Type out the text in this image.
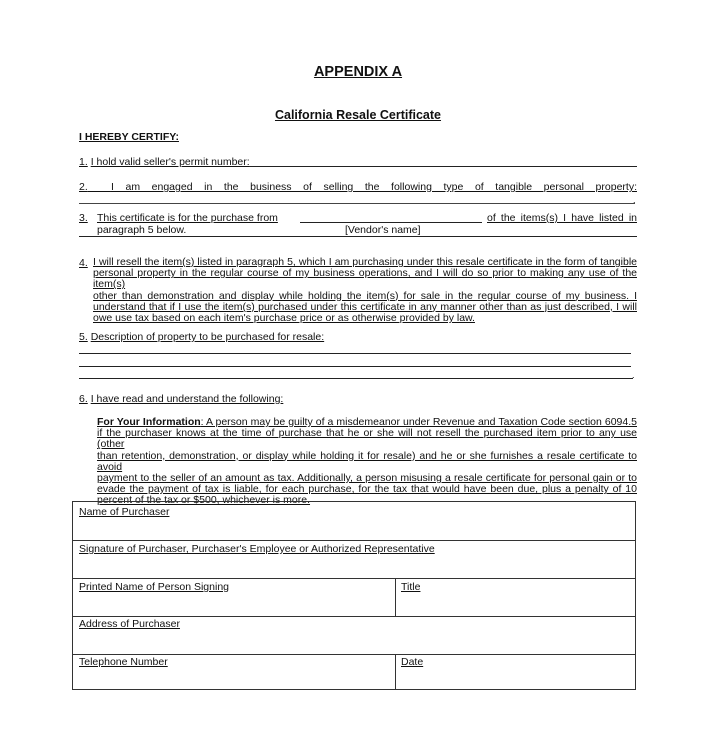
APPENDIX A
California Resale Certificate
I HEREBY CERTIFY:
1. I hold valid seller's permit number:
2. I am engaged in the business of selling the following type of tangible personal property:
.
3. This certificate is for the purchase from	of the items(s) I have listed in
paragraph 5 below.	[Vendor's name]
4. I will resell the item(s) listed in paragraph 5, which I am purchasing under this resale certificate in the form of tangible
personal property in the regular course of my business operations, and I will do so prior to making any use of the item(s)
other than demonstration and display while holding the item(s) for sale in the regular course of my business. I
understand that if I use the item(s) purchased under this certificate in any manner other than as just described, I will
owe use tax based on each item's purchase price or as otherwise provided by law.
5. Description of property to be purchased for resale:
.
6. I have read and understand the following:
For Your Information: A person may be guilty of a misdemeanor under Revenue and Taxation Code section 6094.5
if the purchaser knows at the time of purchase that he or she will not resell the purchased item prior to any use (other
than retention, demonstration, or display while holding it for resale) and he or she furnishes a resale certificate to avoid
payment to the seller of an amount as tax. Additionally, a person misusing a resale certificate for personal gain or to
evade the payment of tax is liable, for each purchase, for the tax that would have been due, plus a penalty of 10
percent of the tax or $500, whichever is more.
Name of Purchaser
Signature of Purchaser, Purchaser's Employee or Authorized Representative
Printed Name of Person Signing	Title
Address of Purchaser
Telephone Number	Date
